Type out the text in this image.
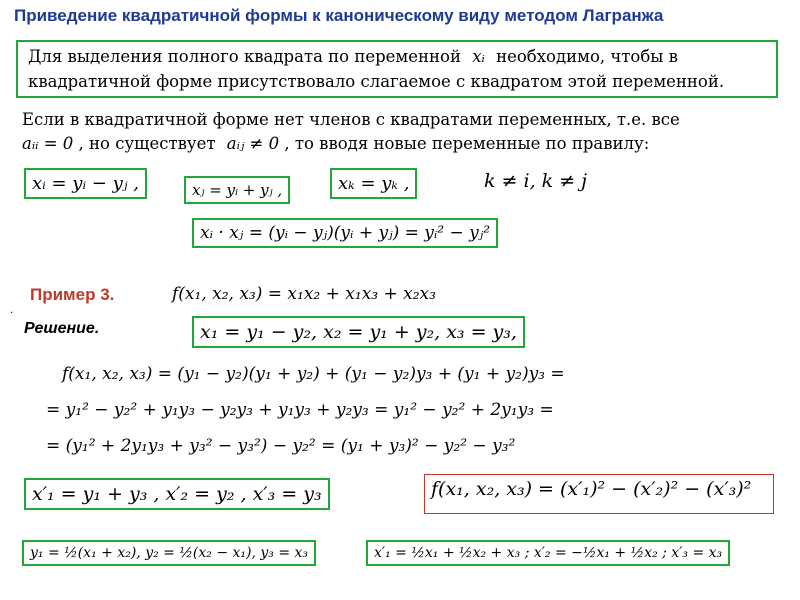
Приведение квадратичной формы к каноническому виду методом Лагранжа
Для выделения полного квадрата по переменной xᵢ необходимо, чтобы в
квадратичной форме присутствовало слагаемое с квадратом этой переменной.
Если в квадратичной форме нет членов с квадратами переменных, т.е. все
aᵢᵢ = 0 , но существует aᵢⱼ ≠ 0 , то вводя новые переменные по правилу:
xᵢ = yᵢ − yⱼ ,	xⱼ = yᵢ + yⱼ ,	xₖ = yₖ ,	k ≠ i, k ≠ j
xᵢ · xⱼ = (yᵢ − yⱼ)(yᵢ + yⱼ) = yᵢ² − yⱼ²
Пример 3.	f(x₁, x₂, x₃) = x₁x₂ + x₁x₃ + x₂x₃
.
Решение.	x₁ = y₁ − y₂, x₂ = y₁ + y₂, x₃ = y₃,
f(x₁, x₂, x₃) = (y₁ − y₂)(y₁ + y₂) + (y₁ − y₂)y₃ + (y₁ + y₂)y₃ =
= y₁² − y₂² + y₁y₃ − y₂y₃ + y₁y₃ + y₂y₃ = y₁² − y₂² + 2y₁y₃ =
= (y₁² + 2y₁y₃ + y₃² − y₃²) − y₂² = (y₁ + y₃)² − y₂² − y₃²
x′₁ = y₁ + y₃ , x′₂ = y₂ , x′₃ = y₃	f(x₁, x₂, x₃) = (x′₁)² − (x′₂)² − (x′₃)²
y₁ = ½(x₁ + x₂), y₂ = ½(x₂ − x₁), y₃ = x₃	x′₁ = ½x₁ + ½x₂ + x₃ ; x′₂ = −½x₁ + ½x₂ ; x′₃ = x₃
